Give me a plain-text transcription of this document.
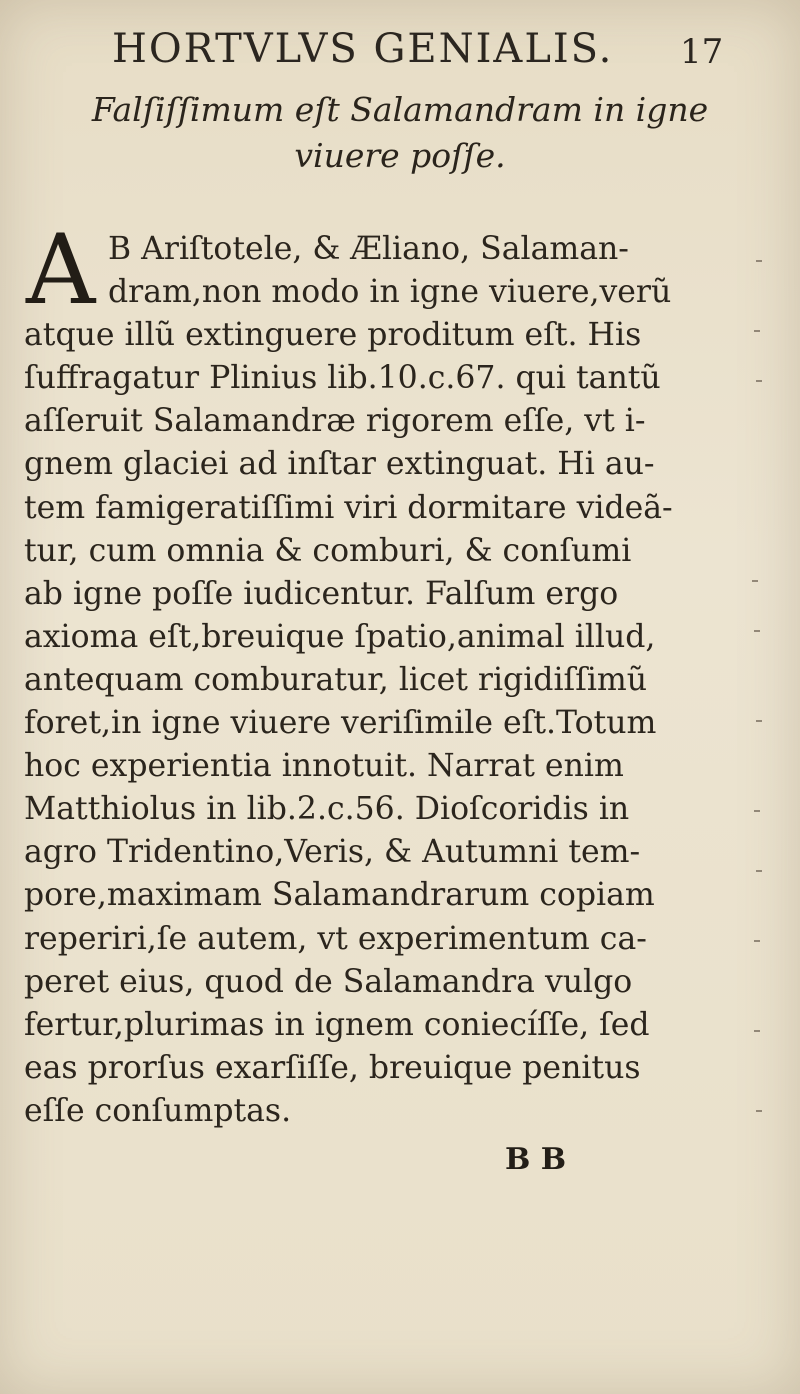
HORTVLVS GENIALIS. 17
Falſiſſimum eſt Salamandram in igne
viuere poſſe.
A B Ariſtotele, & Æliano, Salaman-
dram,non modo in igne viuere,verũ
atque illũ extinguere proditum eſt. His
ſuffragatur Plinius lib.10.c.67. qui tantũ
aſſeruit Salamandræ rigorem eſſe, vt i-
gnem glaciei ad inſtar extinguat. Hi au-
tem famigeratiſſimi viri dormitare videã-
tur, cum omnia & comburi, & conſumi
ab igne poſſe iudicentur. Falſum ergo
axioma eſt,breuique ſpatio,animal illud,
antequam comburatur, licet rigidiſſimũ
foret,in igne viuere veriſimile eſt.Totum
hoc experientia innotuit. Narrat enim
Matthiolus in lib.2.c.56. Dioſcoridis in
agro Tridentino,Veris, & Autumni tem-
pore,maximam Salamandrarum copiam
reperiri,ſe autem, vt experimentum ca-
peret eius, quod de Salamandra vulgo
fertur,plurimas in ignem coniecíſſe, ſed
eas prorſus exarſiſſe, breuique penitus
eſſe conſumptas.
B B
